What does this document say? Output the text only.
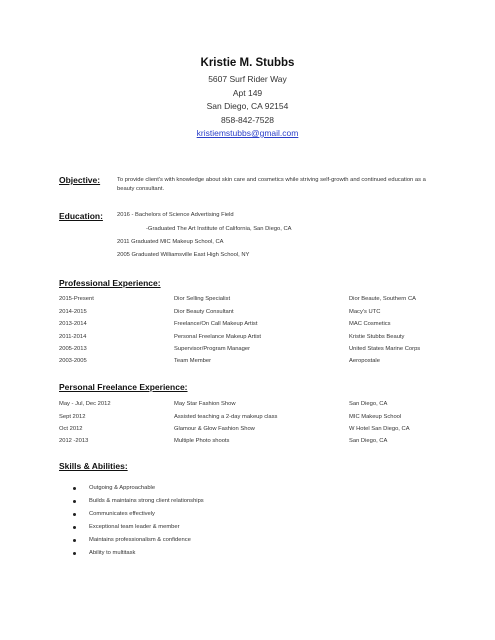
Kristie M. Stubbs
5607 Surf Rider Way
Apt 149
San Diego, CA 92154
858-842-7528
kristiemstubbs@gmail.com
Objective:	To provide client's with knowledge about skin care and cosmetics while striving self-growth and continued education as a beauty consultant.
Education: 2016 - Bachelors of Science Advertising Field
-Graduated The Art Institute of California, San Diego, CA
2011 Graduated MIC Makeup School, CA
2005 Graduated Williamsville East High School, NY
Professional Experience:
2015-Present	Dior Selling Specialist	Dior Beaute, Southern CA
2014-2015	Dior Beauty Consultant	Macy's UTC
2013-2014	Freelance/On Call Makeup Artist	MAC Cosmetics
2011-2014	Personal Freelance Makeup Artist	Kristie Stubbs Beauty
2005-2013	Supervisor/Program Manager	United States Marine Corps
2003-2005	Team Member	Aeropostale
Personal Freelance Experience:
May - Jul, Dec 2012	May Star Fashion Show	San Diego, CA
Sept 2012	Assisted teaching a 2-day makeup class	MIC Makeup School
Oct 2012	Glamour & Glow Fashion Show	W Hotel San Diego, CA
2012 -2013	Multiple Photo shoots	San Diego, CA
Skills & Abilities:
Outgoing & Approachable
Builds & maintains strong client relationships
Communicates effectively
Exceptional team leader & member
Maintains professionalism & confidence
Ability to multitask
